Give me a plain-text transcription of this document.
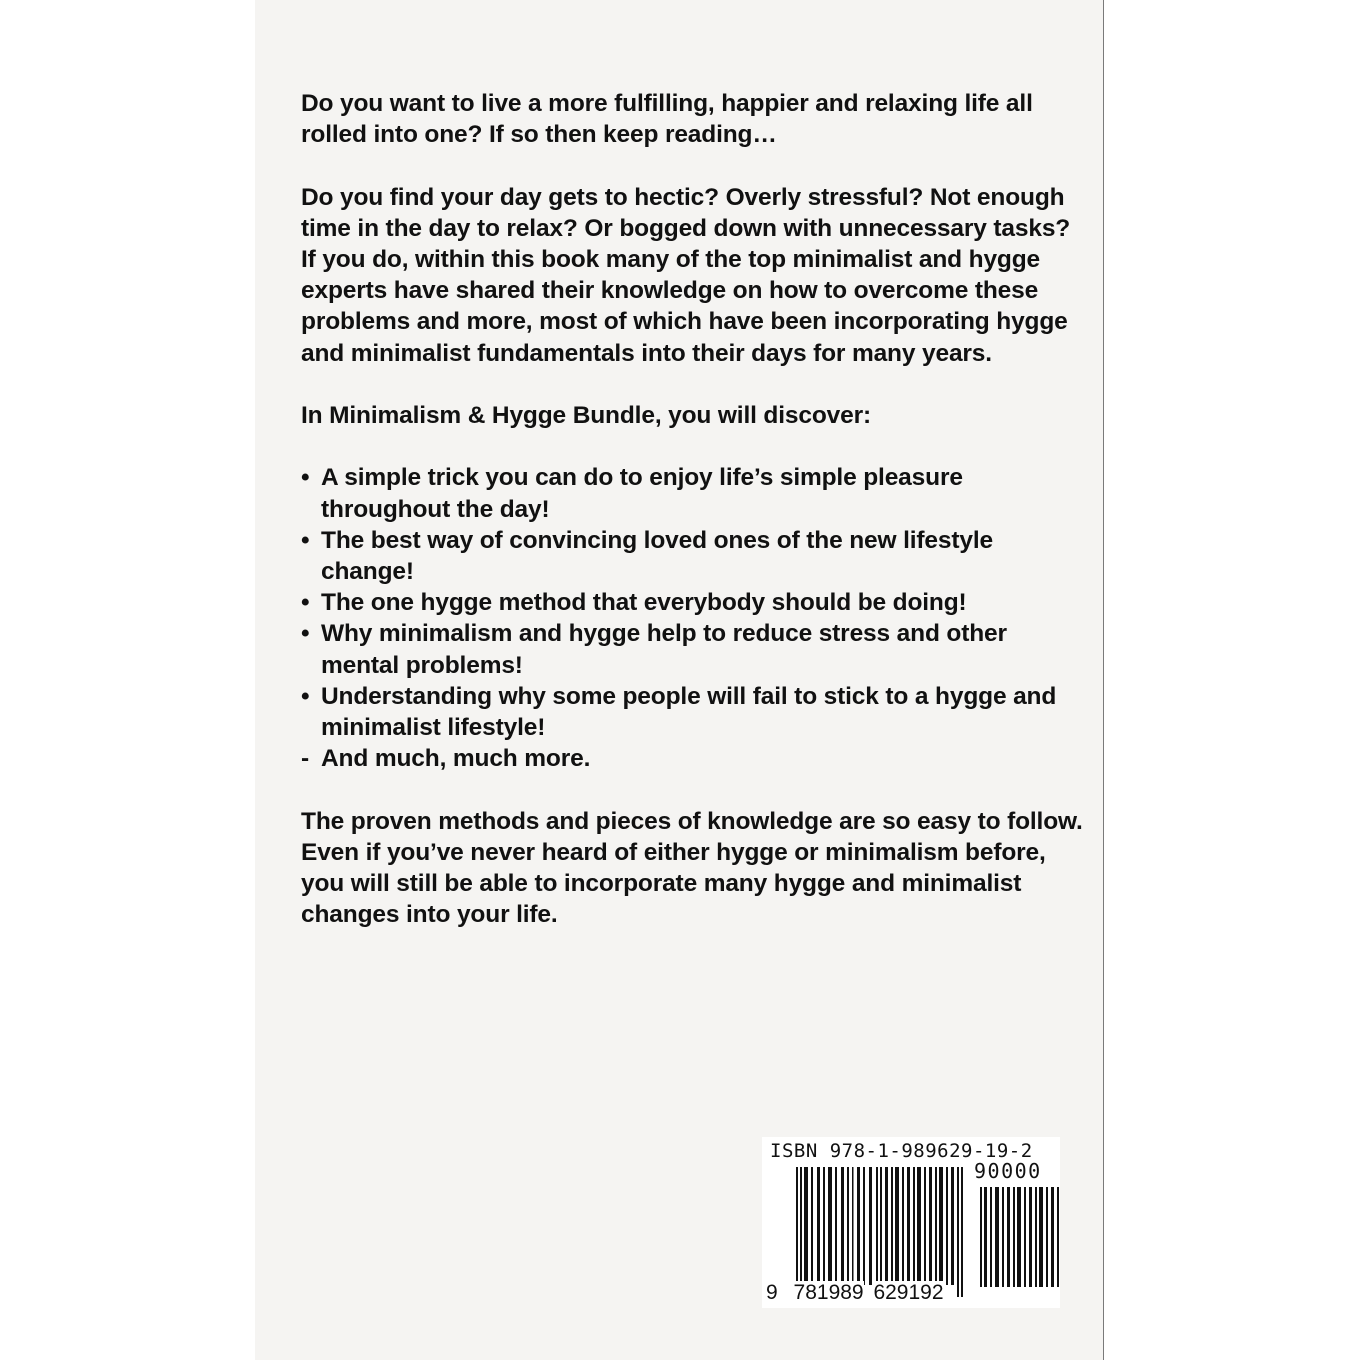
Do you want to live a more fulfilling, happier and relaxing life all rolled into one? If so then keep reading…

Do you find your day gets to hectic? Overly stressful? Not enough time in the day to relax? Or bogged down with unnecessary tasks? If you do, within this book many of the top minimalist and hygge experts have shared their knowledge on how to overcome these problems and more, most of which have been incorporating hygge and minimalist fundamentals into their days for many years.

In Minimalism & Hygge Bundle, you will discover:

• A simple trick you can do to enjoy life’s simple pleasure throughout the day!
• The best way of convincing loved ones of the new lifestyle change!
• The one hygge method that everybody should be doing!
• Why minimalism and hygge help to reduce stress and other mental problems!
• Understanding why some people will fail to stick to a hygge and minimalist lifestyle!
- And much, much more.

The proven methods and pieces of knowledge are so easy to follow. Even if you’ve never heard of either hygge or minimalism before, you will still be able to incorporate many hygge and minimalist changes into your life.

ISBN 978-1-989629-19-2
90000
9 781989 629192
